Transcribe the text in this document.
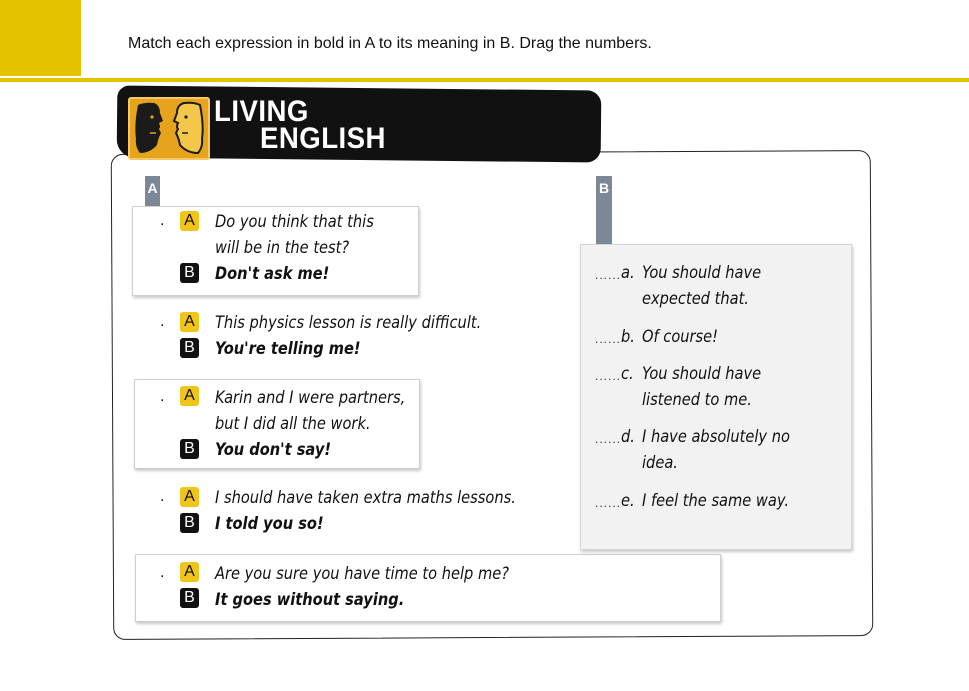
Match each expression in bold in A to its meaning in B. Drag the numbers.
LIVING
ENGLISH
A	B
. A Do you think that this
will be in the test?
B Don't ask me!
. A This physics lesson is really difficult.
B You're telling me!
. A Karin and I were partners,
but I did all the work.
B You don't say!
. A I should have taken extra maths lessons.
B I told you so!
. A Are you sure you have time to help me?
B It goes without saying.
...... a. You should have
expected that.
...... b. Of course!
...... c. You should have
listened to me.
...... d. I have absolutely no
idea.
...... e. I feel the same way.
